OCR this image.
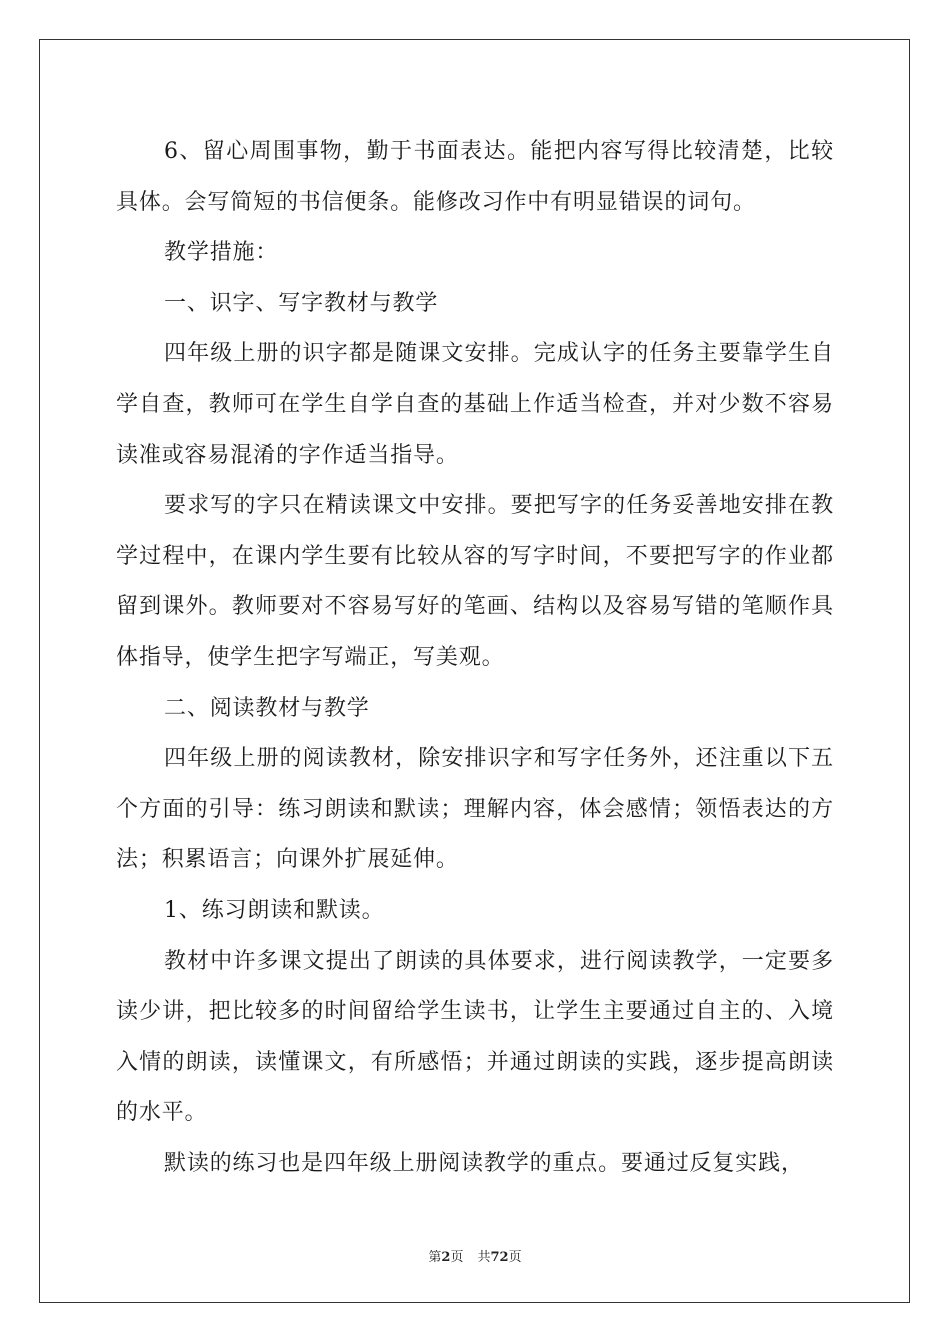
6、留心周围事物，勤于书面表达。能把内容写得比较清楚，比较具体。会写简短的书信便条。能修改习作中有明显错误的词句。

教学措施：

一、识字、写字教材与教学

四年级上册的识字都是随课文安排。完成认字的任务主要靠学生自学自查，教师可在学生自学自查的基础上作适当检查，并对少数不容易读准或容易混淆的字作适当指导。

要求写的字只在精读课文中安排。要把写字的任务妥善地安排在教学过程中，在课内学生要有比较从容的写字时间，不要把写字的作业都留到课外。教师要对不容易写好的笔画、结构以及容易写错的笔顺作具体指导，使学生把字写端正，写美观。

二、阅读教材与教学

四年级上册的阅读教材，除安排识字和写字任务外，还注重以下五个方面的引导：练习朗读和默读；理解内容，体会感情；领悟表达的方法；积累语言；向课外扩展延伸。

1、练习朗读和默读。

教材中许多课文提出了朗读的具体要求，进行阅读教学，一定要多读少讲，把比较多的时间留给学生读书，让学生主要通过自主的、入境入情的朗读，读懂课文，有所感悟；并通过朗读的实践，逐步提高朗读的水平。

默读的练习也是四年级上册阅读教学的重点。要通过反复实践，

第2页 共72页
